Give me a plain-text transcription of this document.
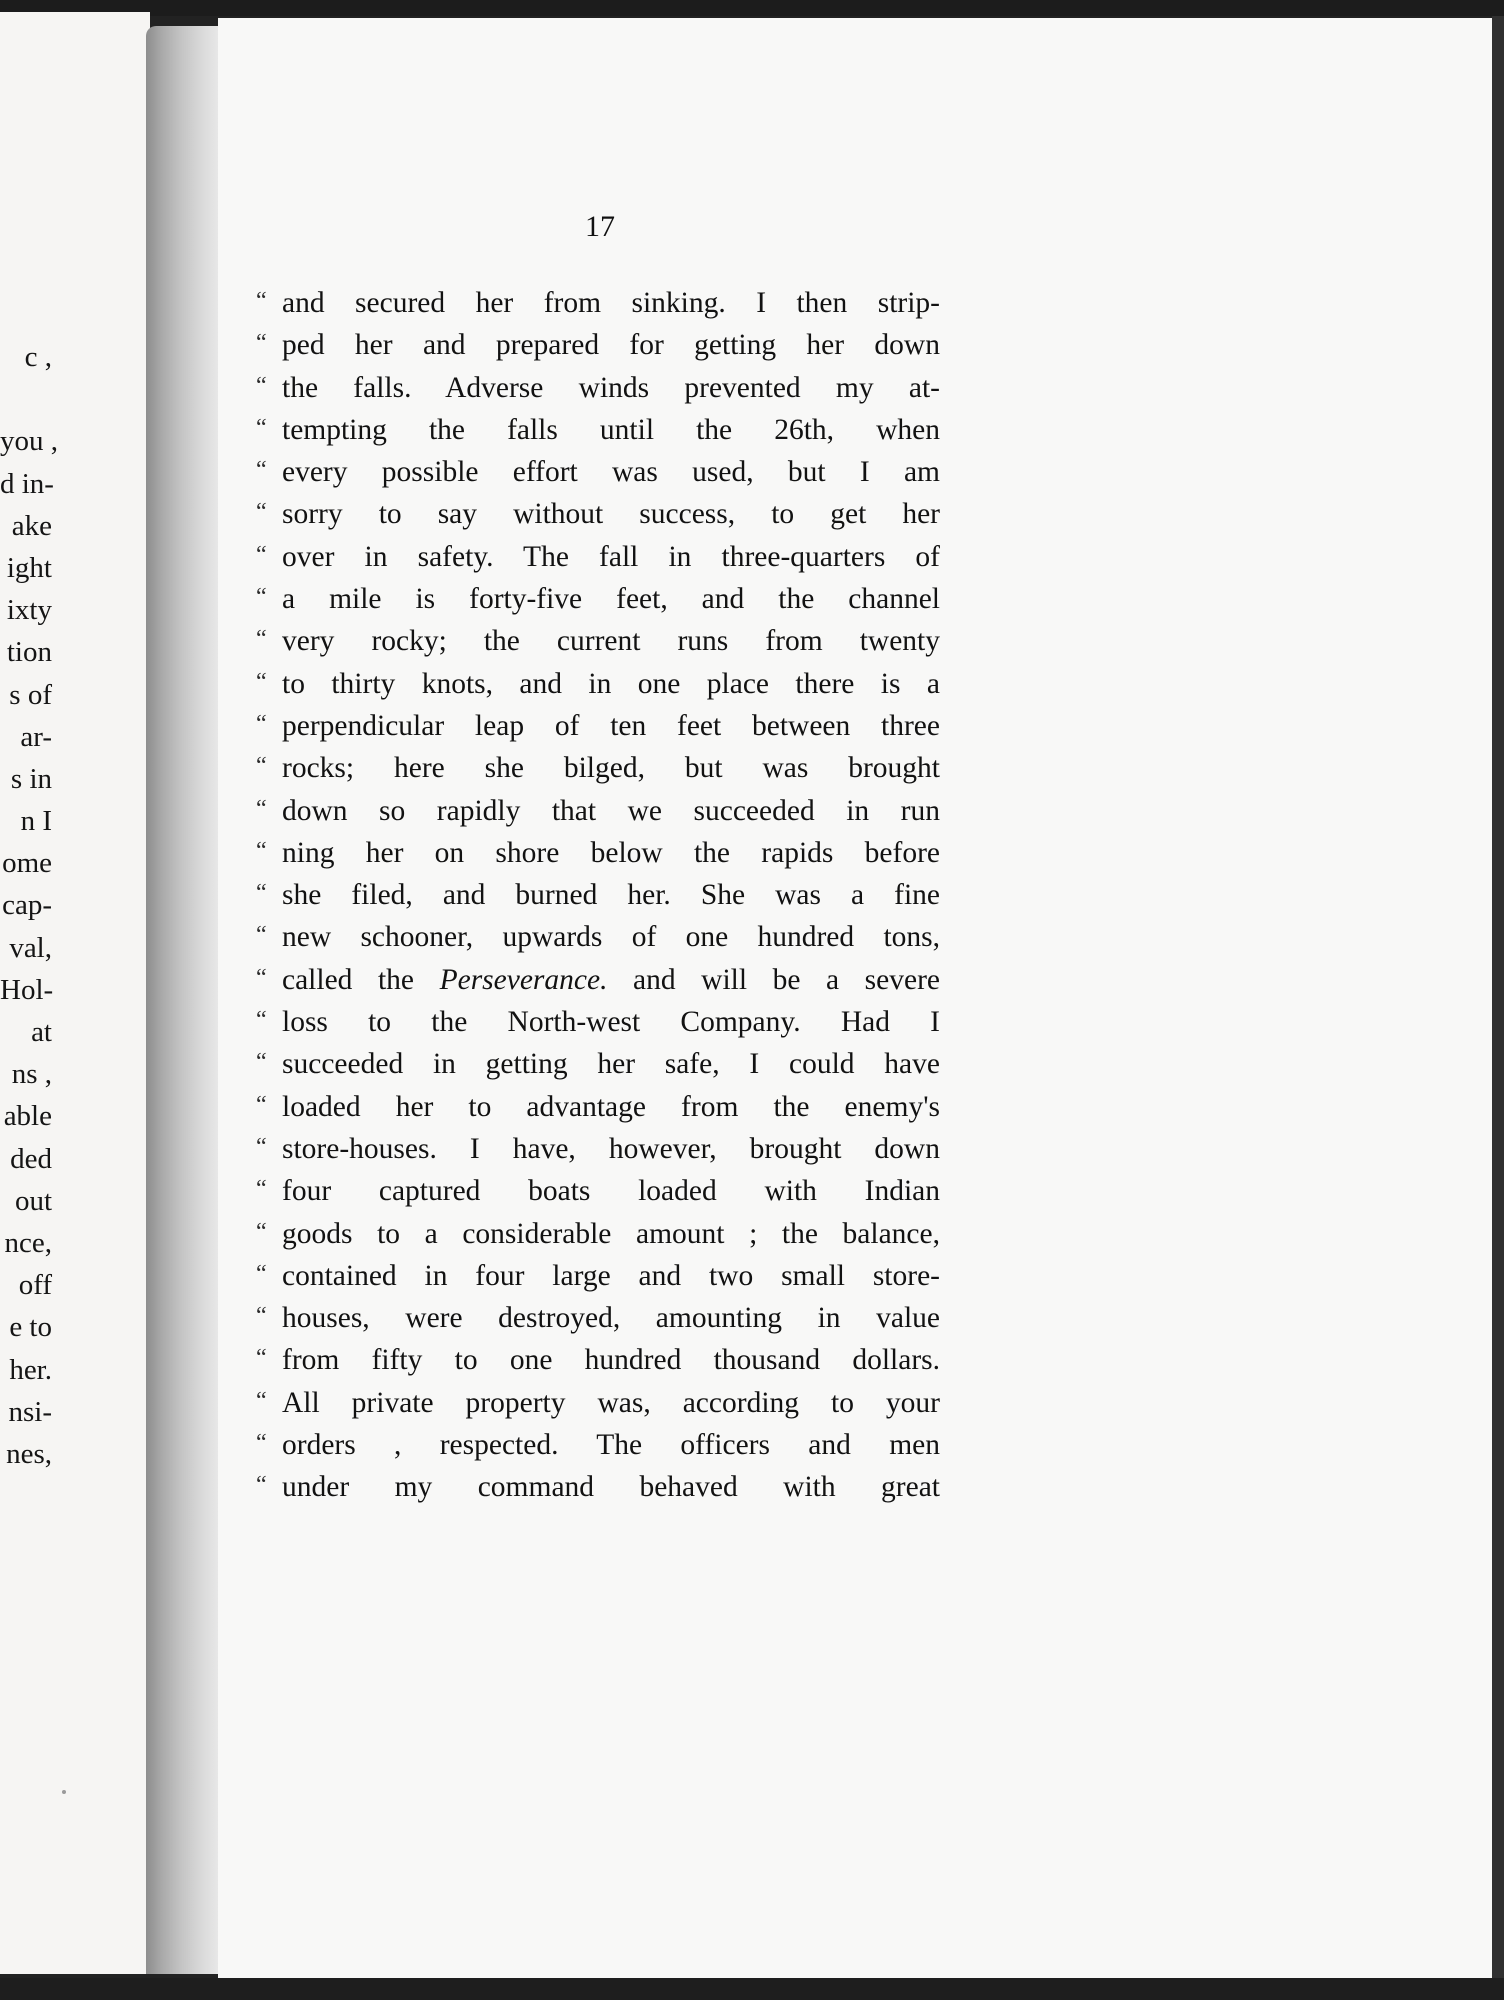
c ,
you ,
d in-
ake
ight
ixty
tion
s of
ar-
s in
n I
ome
cap-
val,
Hol-
at
ns ,
able
ded
out
nce,
off
e to
her.
nsi-
nes,
17
“ and secured her from sinking. I then strip-
“ ped her and prepared for getting her down
“ the falls. Adverse winds prevented my at-
“ tempting the falls until the 26th, when
“ every possible effort was used, but I am
“ sorry to say without success, to get her
“ over in safety. The fall in three-quarters of
“ a mile is forty-five feet, and the channel
“ very rocky; the current runs from twenty
“ to thirty knots, and in one place there is a
“ perpendicular leap of ten feet between three
“ rocks; here she bilged, but was brought
“ down so rapidly that we succeeded in run
“ ning her on shore below the rapids before
“ she filed, and burned her. She was a fine
“ new schooner, upwards of one hundred tons,
“ called the Perseverance. and will be a severe
“ loss to the North-west Company. Had I
“ succeeded in getting her safe, I could have
“ loaded her to advantage from the enemy's
“ store-houses. I have, however, brought down
“ four captured boats loaded with Indian
“ goods to a considerable amount ; the balance,
“ contained in four large and two small store-
“ houses, were destroyed, amounting in value
“ from fifty to one hundred thousand dollars.
“ All private property was, according to your
“ orders , respected. The officers and men
“ under my command behaved with great
